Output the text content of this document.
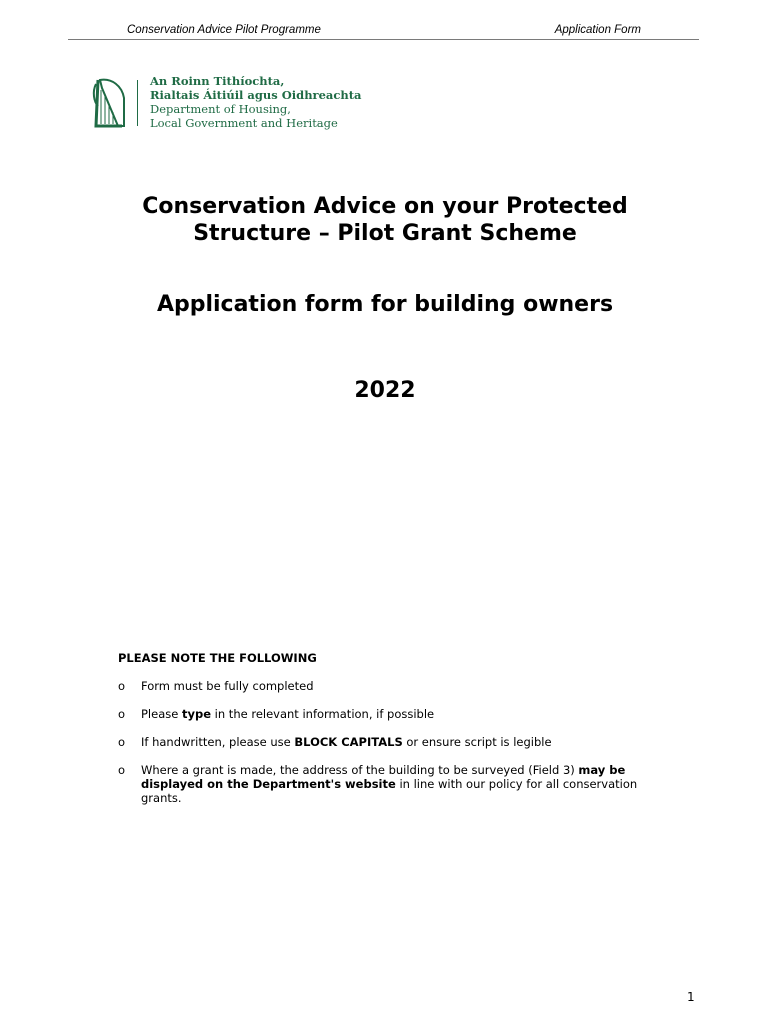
Conservation Advice Pilot Programme	Application Form
An Roinn Tithíochta,
Rialtais Áitiúil agus Oidhreachta
Department of Housing,
Local Government and Heritage
Conservation Advice on your Protected
Structure – Pilot Grant Scheme
Application form for building owners
2022
PLEASE NOTE THE FOLLOWING
o Form must be fully completed
o Please type in the relevant information, if possible
o If handwritten, please use BLOCK CAPITALS or ensure script is legible
o Where a grant is made, the address of the building to be surveyed (Field 3) may be displayed on the Department's website in line with our policy for all conservation grants.
1
